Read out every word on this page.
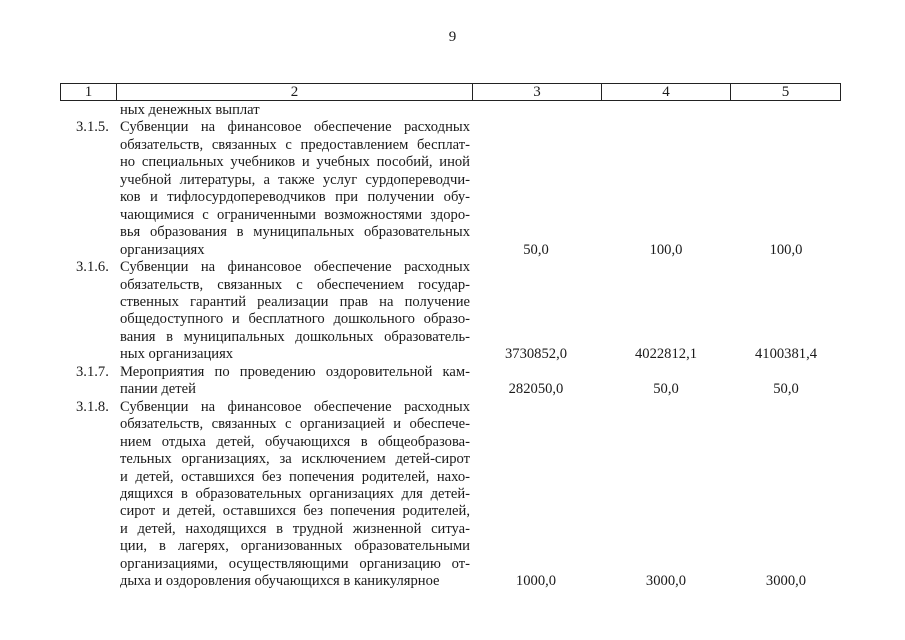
9
1	2	3	4	5
ных денежных выплат
3.1.5. Субвенции на финансовое обеспечение расходных
обязательств, связанных с предоставлением бесплат-
но специальных учебников и учебных пособий, иной
учебной литературы, а также услуг сурдопереводчи-
ков и тифлосурдопереводчиков при получении обу-
чающимися с ограниченными возможностями здоро-
вья образования в муниципальных образовательных
организациях	50,0	100,0	100,0
3.1.6. Субвенции на финансовое обеспечение расходных
обязательств, связанных с обеспечением государ-
ственных гарантий реализации прав на получение
общедоступного и бесплатного дошкольного образо-
вания в муниципальных дошкольных образователь-
ных организациях	3730852,0	4022812,1	4100381,4
3.1.7. Мероприятия по проведению оздоровительной кам-
пании детей	282050,0	50,0	50,0
3.1.8. Субвенции на финансовое обеспечение расходных
обязательств, связанных с организацией и обеспече-
нием отдыха детей, обучающихся в общеобразова-
тельных организациях, за исключением детей-сирот
и детей, оставшихся без попечения родителей, нахо-
дящихся в образовательных организациях для детей-
сирот и детей, оставшихся без попечения родителей,
и детей, находящихся в трудной жизненной ситуа-
ции, в лагерях, организованных образовательными
организациями, осуществляющими организацию от-
дыха и оздоровления обучающихся в каникулярное	1000,0	3000,0	3000,0
